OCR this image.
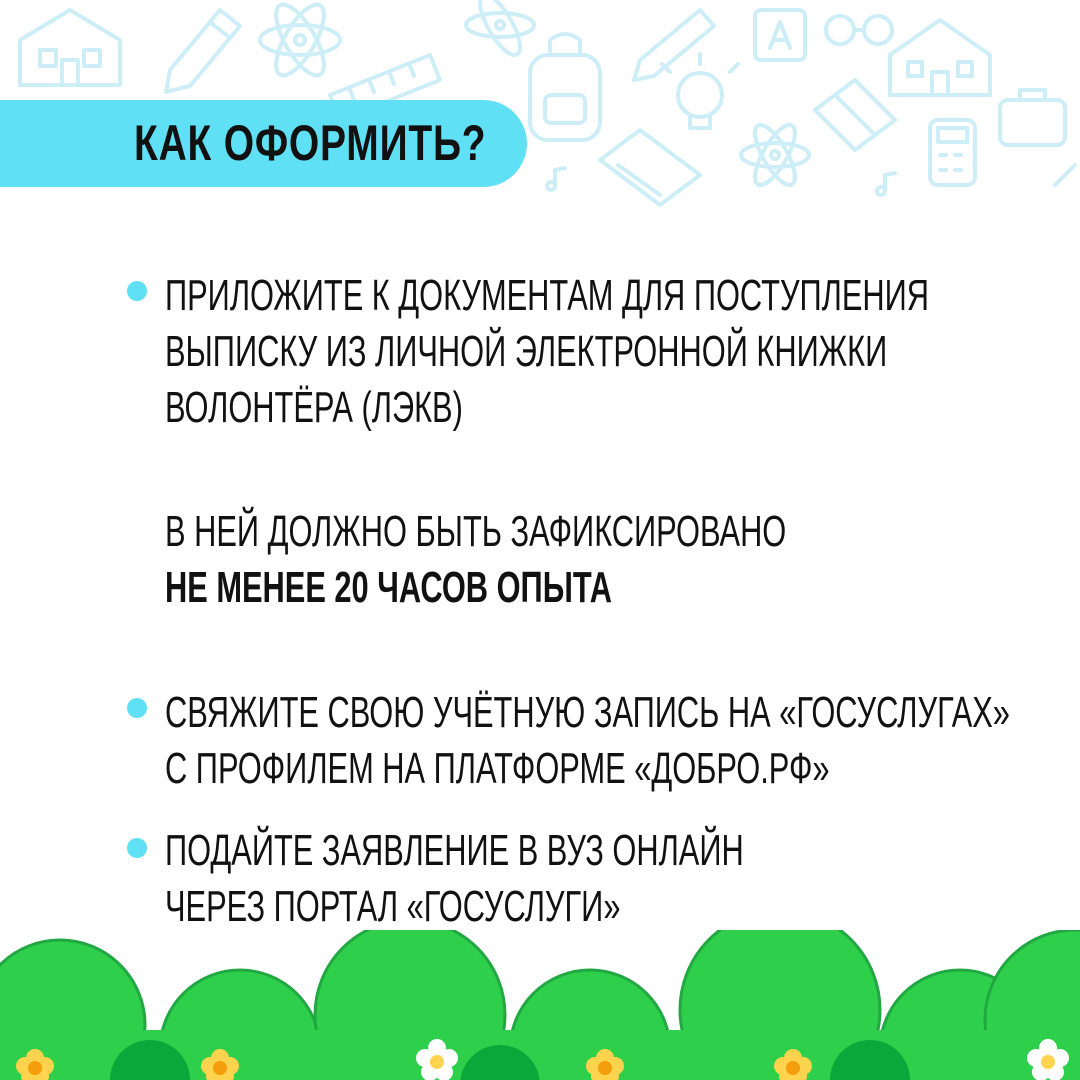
КАК ОФОРМИТЬ?
ПРИЛОЖИТЕ К ДОКУМЕНТАМ ДЛЯ ПОСТУПЛЕНИЯ
ВЫПИСКУ ИЗ ЛИЧНОЙ ЭЛЕКТРОННОЙ КНИЖКИ
ВОЛОНТЁРА (ЛЭКВ)
В НЕЙ ДОЛЖНО БЫТЬ ЗАФИКСИРОВАНО
НЕ МЕНЕЕ 20 ЧАСОВ ОПЫТА
СВЯЖИТЕ СВОЮ УЧЁТНУЮ ЗАПИСЬ НА «ГОСУСЛУГАХ»
С ПРОФИЛЕМ НА ПЛАТФОРМЕ «ДОБРО.РФ»
ПОДАЙТЕ ЗАЯВЛЕНИЕ В ВУЗ ОНЛАЙН
ЧЕРЕЗ ПОРТАЛ «ГОСУСЛУГИ»
